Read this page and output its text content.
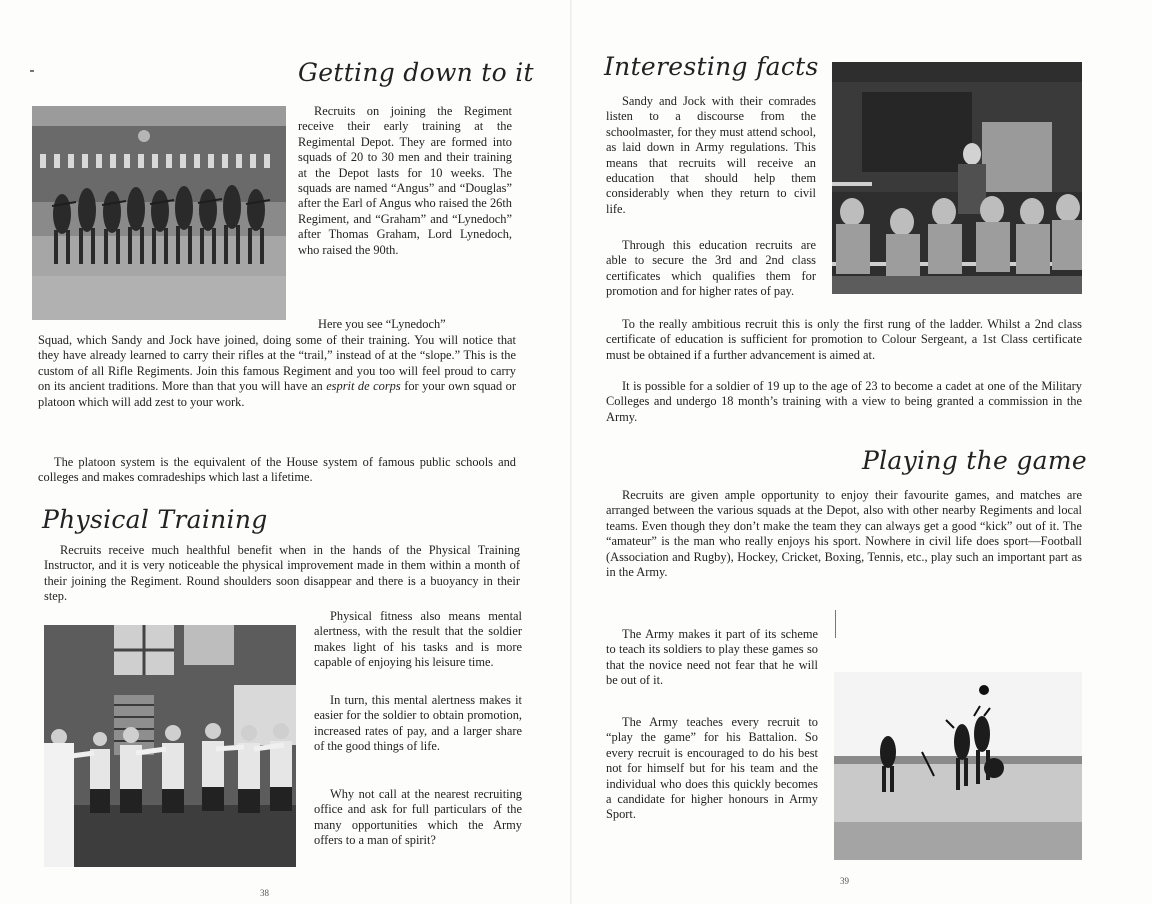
Getting down to it

Recruits on joining the Regiment receive their early training at the Regimental Depot. They are formed into squads of 20 to 30 men and their training at the Depot lasts for 10 weeks. The squads are named “Angus” and “Douglas” after the Earl of Angus who raised the 26th Regiment, and “Graham” and “Lynedoch” after Thomas Graham, Lord Lynedoch, who raised the 90th.

Here you see “Lynedoch”

Squad, which Sandy and Jock have joined, doing some of their training. You will notice that they have already learned to carry their rifles at the “trail,” instead of at the “slope.” This is the custom of all Rifle Regiments. Join this famous Regiment and you too will feel proud to carry on its ancient traditions. More than that you will have an esprit de corps for your own squad or platoon which will add zest to your work.

The platoon system is the equivalent of the House system of famous public schools and colleges and makes comradeships which last a lifetime.

Physical Training

Recruits receive much healthful benefit when in the hands of the Physical Training Instructor, and it is very noticeable the physical improvement made in them within a month of their joining the Regiment. Round shoulders soon disappear and there is a buoyancy in their step.

Physical fitness also means mental alertness, with the result that the soldier makes light of his tasks and is more capable of enjoying his leisure time.

In turn, this mental alertness makes it easier for the soldier to obtain promotion, increased rates of pay, and a larger share of the good things of life.

Why not call at the nearest recruiting office and ask for full particulars of the many opportunities which the Army offers to a man of spirit?

38
Interesting facts

Sandy and Jock with their comrades listen to a discourse from the schoolmaster, for they must attend school, as laid down in Army regulations. This means that recruits will receive an education that should help them considerably when they return to civil life.

Through this education recruits are able to secure the 3rd and 2nd class certificates which qualifies them for promotion and for higher rates of pay.

To the really ambitious recruit this is only the first rung of the ladder. Whilst a 2nd class certificate of education is sufficient for promotion to Colour Sergeant, a 1st Class certificate must be obtained if a further advancement is aimed at.

It is possible for a soldier of 19 up to the age of 23 to become a cadet at one of the Military Colleges and undergo 18 month’s training with a view to being granted a commission in the Army.

Playing the game

Recruits are given ample opportunity to enjoy their favourite games, and matches are arranged between the various squads at the Depot, also with other nearby Regiments and local teams. Even though they don’t make the team they can always get a good “kick” out of it. The “amateur” is the man who really enjoys his sport. Nowhere in civil life does sport—Football (Association and Rugby), Hockey, Cricket, Boxing, Tennis, etc., play such an important part as in the Army.

The Army makes it part of its scheme to teach its soldiers to play these games so that the novice need not fear that he will be out of it.

The Army teaches every recruit to “play the game” for his Battalion. So every recruit is encouraged to do his best not for himself but for his team and the individual who does this quickly becomes a candidate for higher honours in Army Sport.

39
